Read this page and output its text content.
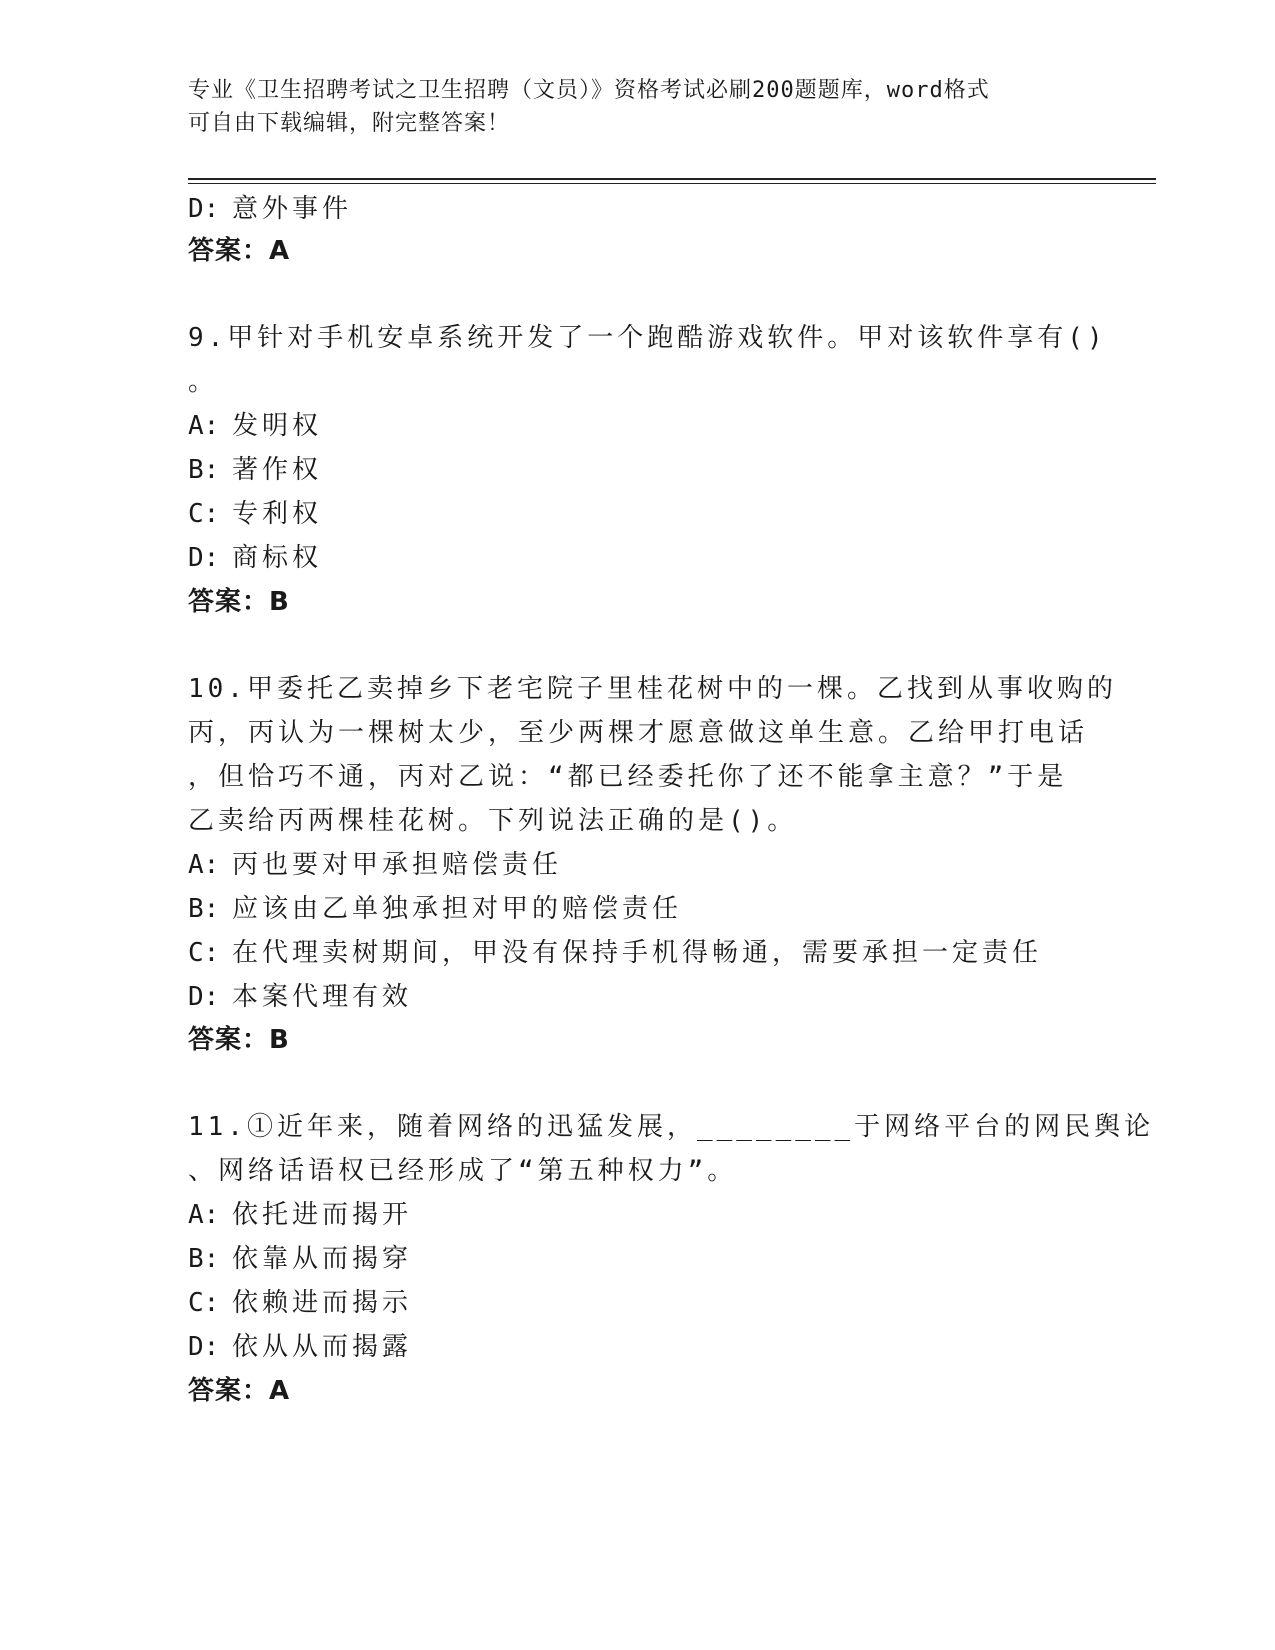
专业《卫生招聘考试之卫生招聘（文员）》资格考试必刷200题题库，word格式
可自由下载编辑，附完整答案！
D: 意外事件
答案：A
9.甲针对手机安卓系统开发了一个跑酷游戏软件。甲对该软件享有()
。
A: 发明权
B: 著作权
C: 专利权
D: 商标权
答案：B
10.甲委托乙卖掉乡下老宅院子里桂花树中的一棵。乙找到从事收购的
丙，丙认为一棵树太少，至少两棵才愿意做这单生意。乙给甲打电话
，但恰巧不通，丙对乙说：“都已经委托你了还不能拿主意？”于是
乙卖给丙两棵桂花树。下列说法正确的是()。
A: 丙也要对甲承担赔偿责任
B: 应该由乙单独承担对甲的赔偿责任
C: 在代理卖树期间，甲没有保持手机得畅通，需要承担一定责任
D: 本案代理有效
答案：B
11.①近年来，随着网络的迅猛发展，________于网络平台的网民舆论
、网络话语权已经形成了“第五种权力”。
A: 依托进而揭开
B: 依靠从而揭穿
C: 依赖进而揭示
D: 依从从而揭露
答案：A
